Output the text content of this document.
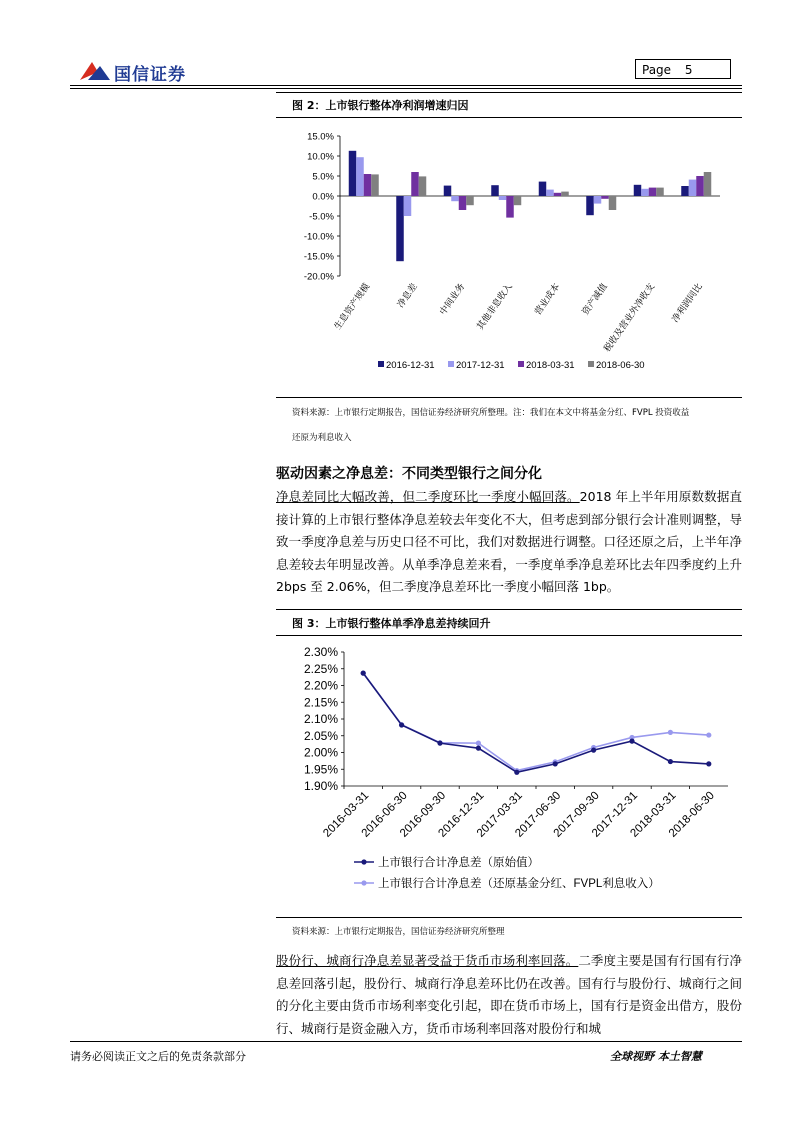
国信证券	Page 5
图 2：上市银行整体净利润增速归因
15.0%
10.0%
5.0%
0.0%
-5.0%
-10.0%
-15.0%
-20.0%
生息资产规模	净息差 中间业务 其他非息收入 营业成本 资产减值
税收及营业外净收支 净利润同比
2016-12-31 2017-12-31 2018-03-31 2018-06-30
资料来源：上市银行定期报告，国信证券经济研究所整理。注：我们在本文中将基金分红、FVPL 投资收益
还原为利息收入
驱动因素之净息差：不同类型银行之间分化
净息差同比大幅改善，但二季度环比一季度小幅回落。2018 年上半年用原数数据直接计算的上市银行整体净息差较去年变化不大，但考虑到部分银行会计准则调整，导致一季度净息差与历史口径不可比，我们对数据进行调整。口径还原之后，上半年净息差较去年明显改善。从单季净息差来看，一季度单季净息差环比去年四季度约上升 2bps 至 2.06%，但二季度净息差环比一季度小幅回落 1bp。
图 3：上市银行整体单季净息差持续回升
2.30%
2.25%
2.20%
2.15%
2.10%
2.05%
2.00%
1.95%
1.90%
2016-03-31
2016-06-30
2016-09-30
2016-12-31
2017-03-31
2017-06-30
2017-09-30
2017-12-31
2018-03-31
2018-06-30
上市银行合计净息差（原始值）
上市银行合计净息差（还原基金分红、FVPL利息收入）
资料来源：上市银行定期报告，国信证券经济研究所整理
股份行、城商行净息差显著受益于货币市场利率回落。二季度主要是国有行国有行净息差回落引起，股份行、城商行净息差环比仍在改善。国有行与股份行、城商行之间的分化主要由货币市场利率变化引起，即在货币市场上，国有行是资金出借方，股份行、城商行是资金融入方，货币市场利率回落对股份行和城
请务必阅读正文之后的免责条款部分	全球视野 本土智慧
